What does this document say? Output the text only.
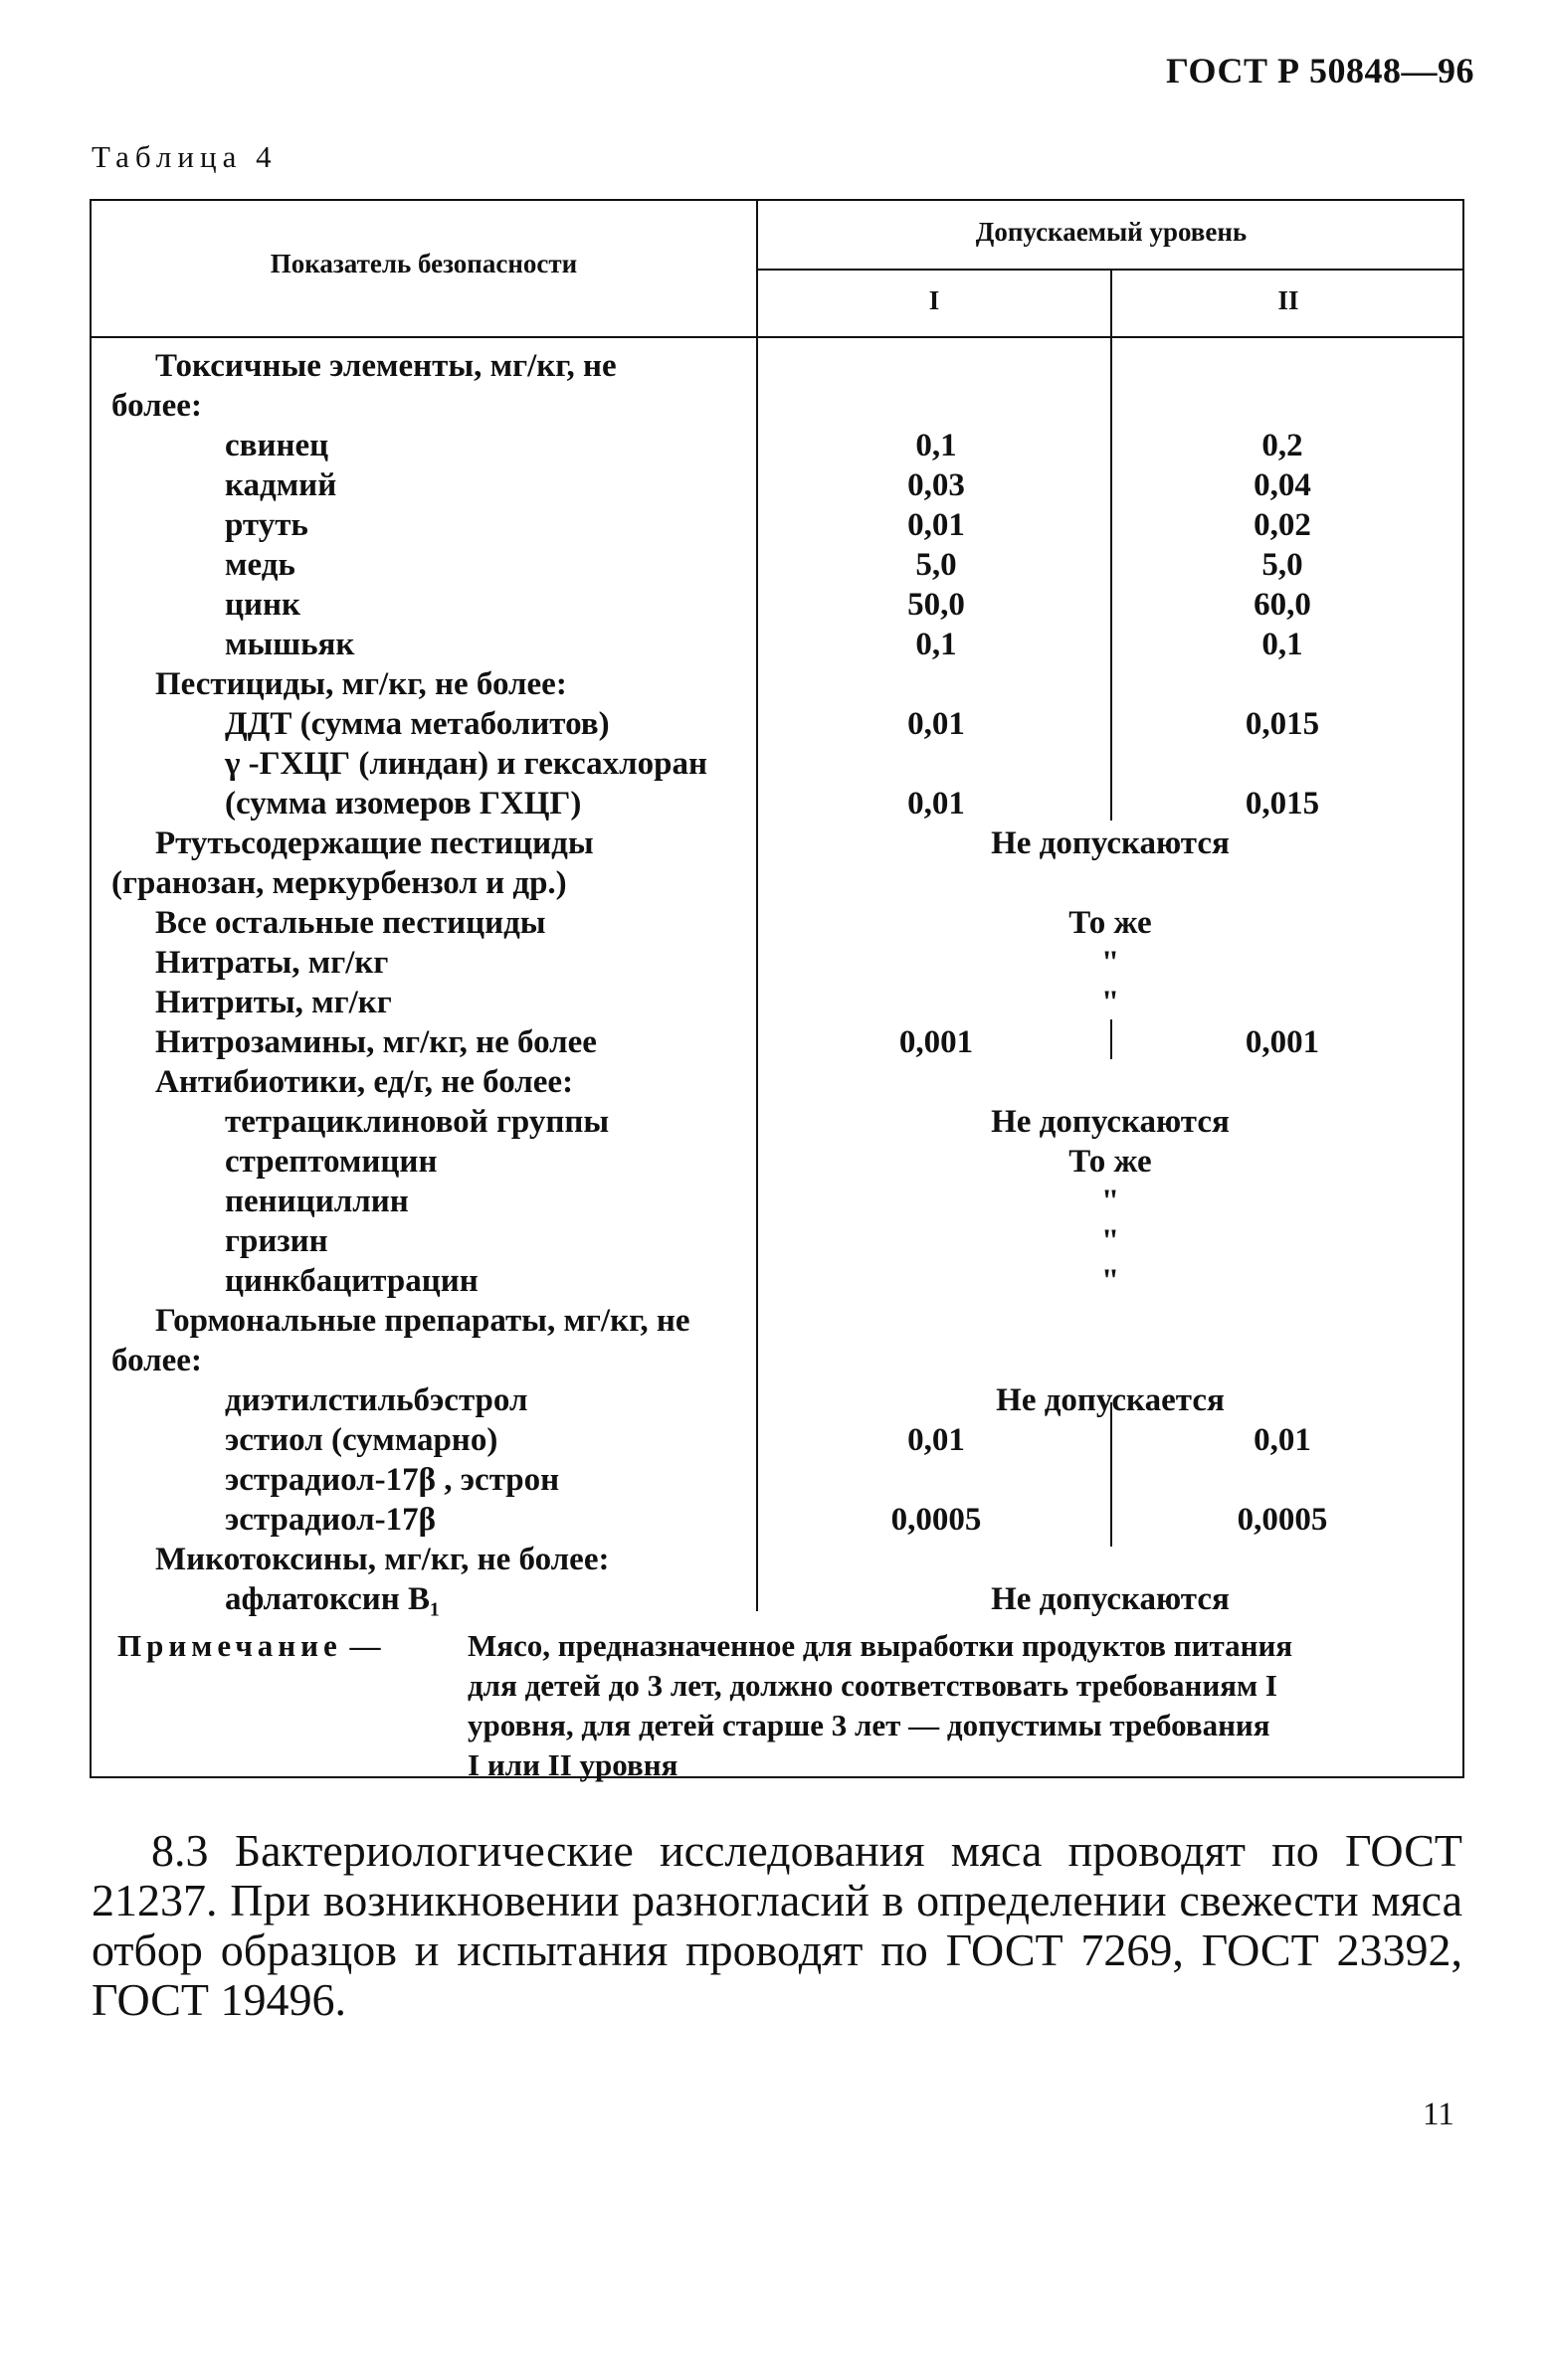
ГОСТ Р 50848—96
Таблица 4
Показатель безопасности
Допускаемый уровень
I	II
Токсичные элементы, мг/кг, не
более:
свинец	0,1	0,2
кадмий	0,03	0,04
ртуть	0,01	0,02
медь	5,0	5,0
цинк	50,0	60,0
мышьяк	0,1	0,1
Пестициды, мг/кг, не более:
ДДТ (сумма метаболитов)	0,01	0,015
γ -ГХЦГ (линдан) и гексахлоран
(сумма изомеров ГХЦГ)	0,01	0,015
Ртутьсодержащие пестициды	Не допускаются
(гранозан, меркурбензол и др.)
Все остальные пестициды	То же
Нитраты, мг/кг	"
Нитриты, мг/кг	"
Нитрозамины, мг/кг, не более	0,001	0,001
Антибиотики, ед/г, не более:
тетрациклиновой группы	Не допускаются
стрептомицин	То же
пенициллин	"
гризин	"
цинкбацитрацин	"
Гормональные препараты, мг/кг, не
более:
диэтилстильбэстрол	Не допускается
эстиол (суммарно)	0,01	0,01
эстрадиол-17β , эстрон
эстрадиол-17β	0,0005	0,0005
Микотоксины, мг/кг, не более:
афлатоксин B₁	Не допускаются
Примечание —	Мясо, предназначенное для выработки продуктов питания
для детей до 3 лет, должно соответствовать требованиям I
уровня, для детей старше 3 лет — допустимы требования
I или II уровня

8.3 Бактериологические исследования мяса проводят по ГОСТ 21237. При возникновении разногласий в определении свежести мяса отбор образцов и испытания проводят по ГОСТ 7269, ГОСТ 23392, ГОСТ 19496.

11
